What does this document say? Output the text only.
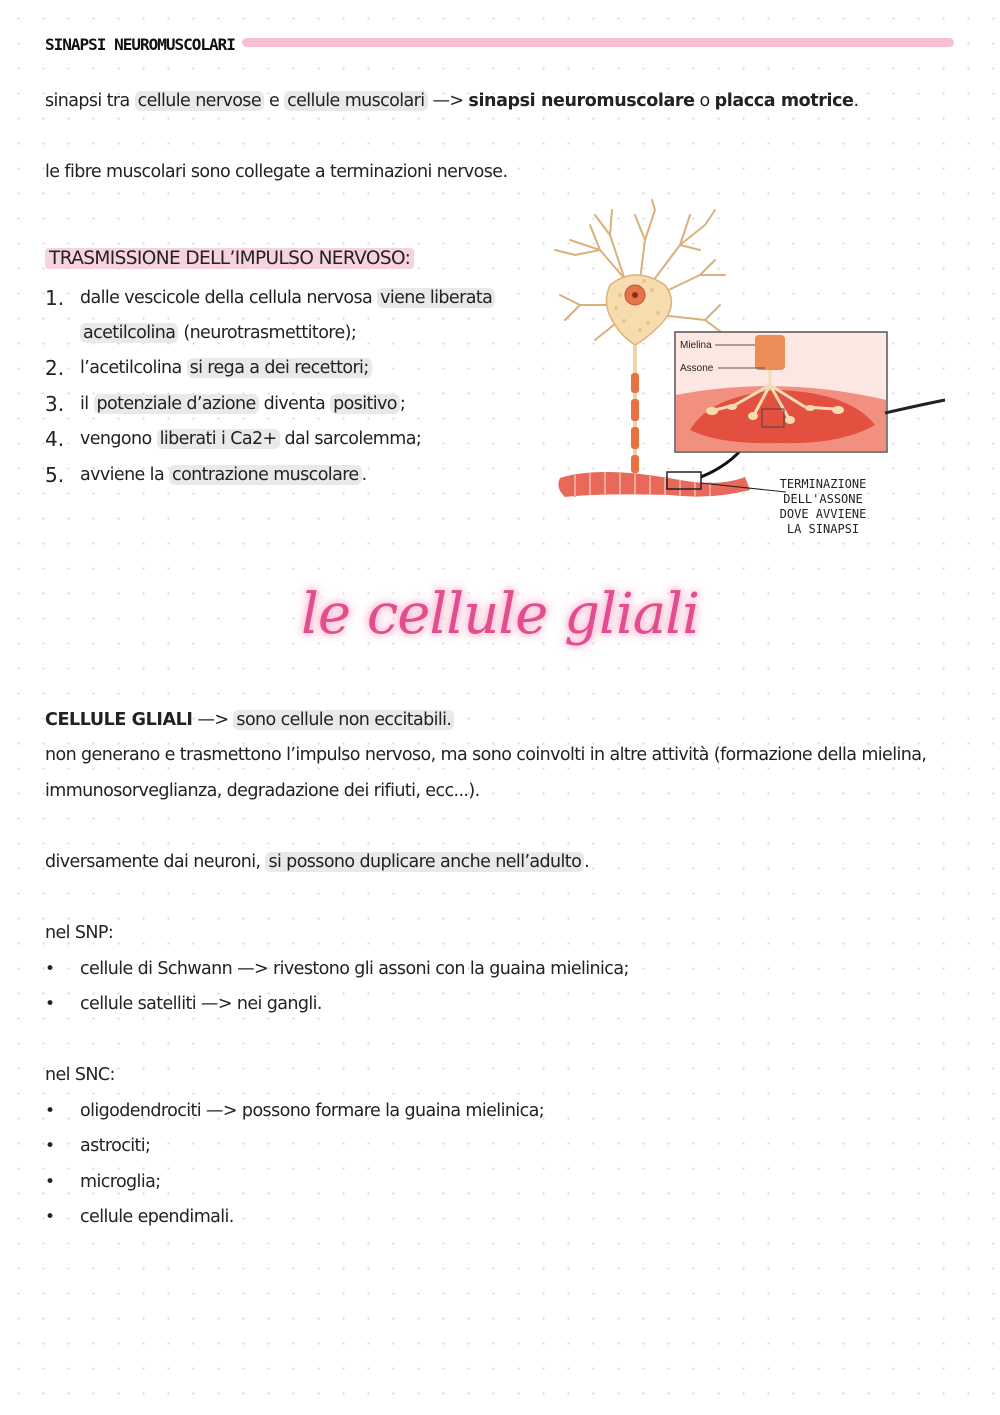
SINAPSI NEUROMUSCOLARI
sinapsi tra cellule nervose e cellule muscolari —> sinapsi neuromuscolare o placca motrice.
le fibre muscolari sono collegate a terminazioni nervose.
TRASMISSIONE DELL’IMPULSO NERVOSO:
1. dalle vescicole della cellula nervosa viene liberata
acetilcolina (neurotrasmettitore);
2. l’acetilcolina si rega a dei recettori;
3. il potenziale d’azione diventa positivo ;
4. vengono liberati i Ca2+ dal sarcolemma;
5. avviene la contrazione muscolare .
Mielina
Assone
TERMINAZIONE
DELL'ASSONE
DOVE AVVIENE
LA SINAPSI
le cellule gliali
CELLULE GLIALI —> sono cellule non eccitabili.
non generano e trasmettono l’impulso nervoso, ma sono coinvolti in altre attività (formazione della mielina,
immunosorveglianza, degradazione dei rifiuti, ecc...).
diversamente dai neuroni, si possono duplicare anche nell’adulto .
nel SNP:
• cellule di Schwann —> rivestono gli assoni con la guaina mielinica;
• cellule satelliti —> nei gangli.
nel SNC:
• oligodendrociti —> possono formare la guaina mielinica;
• astrociti;
• microglia;
• cellule ependimali.
